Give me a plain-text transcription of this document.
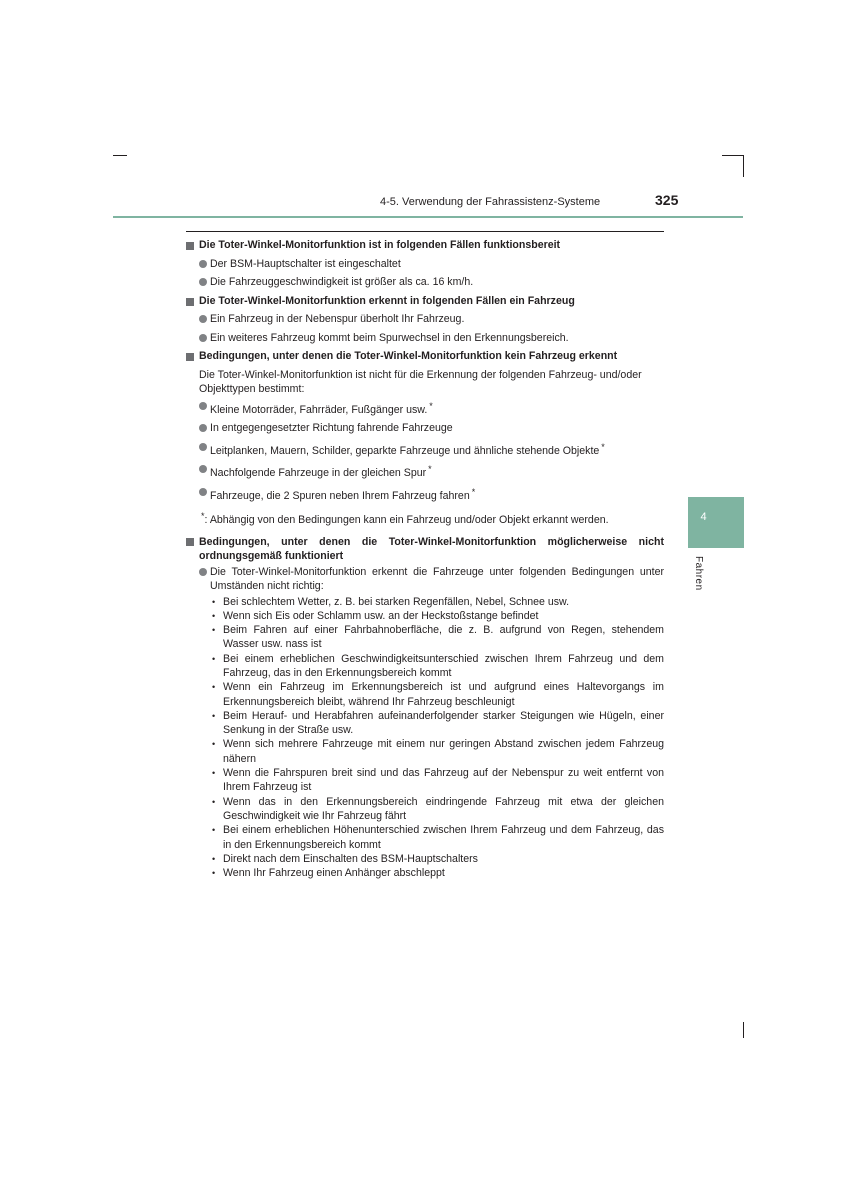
4-5. Verwendung der Fahrassistenz-Systeme	325
4
Fahren
Die Toter-Winkel-Monitorfunktion ist in folgenden Fällen funktionsbereit
Der BSM-Hauptschalter ist eingeschaltet
Die Fahrzeuggeschwindigkeit ist größer als ca. 16 km/h.
Die Toter-Winkel-Monitorfunktion erkennt in folgenden Fällen ein Fahrzeug
Ein Fahrzeug in der Nebenspur überholt Ihr Fahrzeug.
Ein weiteres Fahrzeug kommt beim Spurwechsel in den Erkennungsbereich.
Bedingungen, unter denen die Toter-Winkel-Monitorfunktion kein Fahrzeug erkennt
Die Toter-Winkel-Monitorfunktion ist nicht für die Erkennung der folgenden Fahrzeug- und/oder Objekttypen bestimmt:
Kleine Motorräder, Fahrräder, Fußgänger usw. *
In entgegengesetzter Richtung fahrende Fahrzeuge
Leitplanken, Mauern, Schilder, geparkte Fahrzeuge und ähnliche stehende Objekte *
Nachfolgende Fahrzeuge in der gleichen Spur *
Fahrzeuge, die 2 Spuren neben Ihrem Fahrzeug fahren *
*: Abhängig von den Bedingungen kann ein Fahrzeug und/oder Objekt erkannt werden.
Bedingungen, unter denen die Toter-Winkel-Monitorfunktion möglicherweise nicht ordnungsgemäß funktioniert
Die Toter-Winkel-Monitorfunktion erkennt die Fahrzeuge unter folgenden Bedingungen unter Umständen nicht richtig:
• Bei schlechtem Wetter, z. B. bei starken Regenfällen, Nebel, Schnee usw.
• Wenn sich Eis oder Schlamm usw. an der Heckstoßstange befindet
• Beim Fahren auf einer Fahrbahnoberfläche, die z. B. aufgrund von Regen, stehendem Wasser usw. nass ist
• Bei einem erheblichen Geschwindigkeitsunterschied zwischen Ihrem Fahrzeug und dem Fahrzeug, das in den Erkennungsbereich kommt
• Wenn ein Fahrzeug im Erkennungsbereich ist und aufgrund eines Haltevorgangs im Erkennungsbereich bleibt, während Ihr Fahrzeug beschleunigt
• Beim Herauf- und Herabfahren aufeinanderfolgender starker Steigungen wie Hügeln, einer Senkung in der Straße usw.
• Wenn sich mehrere Fahrzeuge mit einem nur geringen Abstand zwischen jedem Fahrzeug nähern
• Wenn die Fahrspuren breit sind und das Fahrzeug auf der Nebenspur zu weit entfernt von Ihrem Fahrzeug ist
• Wenn das in den Erkennungsbereich eindringende Fahrzeug mit etwa der gleichen Geschwindigkeit wie Ihr Fahrzeug fährt
• Bei einem erheblichen Höhenunterschied zwischen Ihrem Fahrzeug und dem Fahrzeug, das in den Erkennungsbereich kommt
• Direkt nach dem Einschalten des BSM-Hauptschalters
• Wenn Ihr Fahrzeug einen Anhänger abschleppt
